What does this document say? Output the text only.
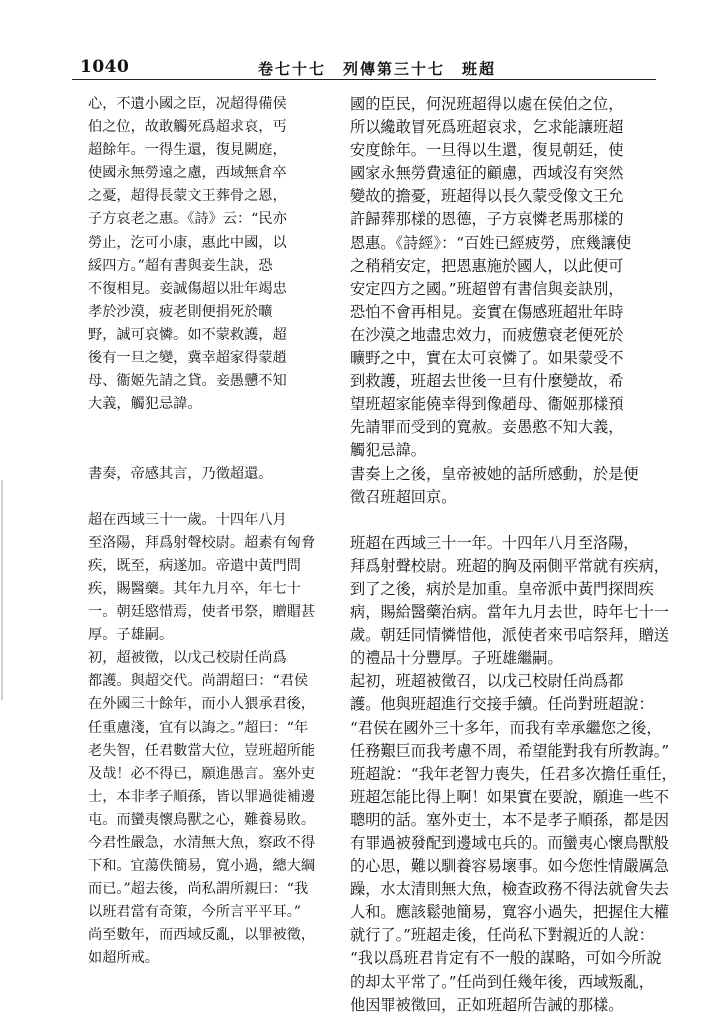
1040	卷七十七　列傳第三十七　班超
心，不遺小國之臣，况超得備侯
伯之位，故敢觸死爲超求哀，丐
超餘年。一得生還，復見闕庭，
使國永無勞遠之慮，西域無倉卒
之憂，超得長蒙文王葬骨之恩，
子方哀老之惠。《詩》云：“民亦
勞止，汔可小康，惠此中國，以
綏四方。”超有書與妾生訣，恐
不復相見。妾誠傷超以壯年竭忠
孝於沙漠，疲老則便捐死於曠
野，誠可哀憐。如不蒙救護，超
後有一旦之變，冀幸超家得蒙趙
母、衞姬先請之貸。妾愚戇不知
大義，觸犯忌諱。
書奏，帝感其言，乃徵超還。
超在西域三十一歲。十四年八月
至洛陽，拜爲射聲校尉。超素有匈脅
疾，既至，病遂加。帝遣中黃門問
疾，賜醫藥。其年九月卒，年七十
一。朝廷愍惜焉，使者弔祭，贈賵甚
厚。子雄嗣。
初，超被徵，以戊己校尉任尚爲
都護。與超交代。尚謂超曰：“君侯
在外國三十餘年，而小人猥承君後，
任重慮淺，宜有以誨之。”超曰：“年
老失智，任君數當大位，豈班超所能
及哉！必不得已，願進愚言。塞外吏
士，本非孝子順孫，皆以罪過徙補邊
屯。而蠻夷懷鳥獸之心，難養易敗。
今君性嚴急，水清無大魚，察政不得
下和。宜蕩佚簡易，寬小過，總大綱
而已。”超去後，尚私謂所親曰：“我
以班君當有奇策，今所言平平耳。”
尚至數年，而西域反亂，以罪被徵，
如超所戒。
國的臣民，何況班超得以處在侯伯之位，
所以纔敢冒死爲班超哀求，乞求能讓班超
安度餘年。一旦得以生還，復見朝廷，使
國家永無勞費遠征的顧慮，西域沒有突然
變故的擔憂，班超得以長久蒙受像文王允
許歸葬那樣的恩德，子方哀憐老馬那樣的
恩惠。《詩經》：“百姓已經疲勞，庶幾讓使
之稍稍安定，把恩惠施於國人，以此便可
安定四方之國。”班超曾有書信與妾訣別，
恐怕不會再相見。妾實在傷感班超壯年時
在沙漠之地盡忠效力，而疲憊衰老便死於
曠野之中，實在太可哀憐了。如果蒙受不
到救護，班超去世後一旦有什麼變故，希
望班超家能僥幸得到像趙母、衞姬那樣預
先請罪而受到的寬赦。妾愚憨不知大義，
觸犯忌諱。
書奏上之後，皇帝被她的話所感動，於是便
徵召班超回京。
班超在西域三十一年。十四年八月至洛陽，
拜爲射聲校尉。班超的胸及兩側平常就有疾病，
到了之後，病於是加重。皇帝派中黃門探問疾
病，賜給醫藥治病。當年九月去世，時年七十一
歲。朝廷同情憐惜他，派使者來弔唁祭拜，贈送
的禮品十分豐厚。子班雄繼嗣。
起初，班超被徵召，以戊己校尉任尚爲都
護。他與班超進行交接手續。任尚對班超說：
“君侯在國外三十多年，而我有幸承繼您之後，
任務艱巨而我考慮不周，希望能對我有所教誨。”
班超說：“我年老智力喪失，任君多次擔任重任，
班超怎能比得上啊！如果實在要說，願進一些不
聰明的話。塞外吏士，本不是孝子順孫，都是因
有罪過被發配到邊域屯兵的。而蠻夷心懷鳥獸般
的心思，難以馴養容易壞事。如今您性情嚴厲急
躁，水太清則無大魚，檢查政務不得法就會失去
人和。應該鬆弛簡易，寬容小過失，把握住大權
就行了。”班超走後，任尚私下對親近的人說：
“我以爲班君肯定有不一般的謀略，可如今所說
的却太平常了。”任尚到任幾年後，西域叛亂，
他因罪被徵回，正如班超所告誡的那樣。
